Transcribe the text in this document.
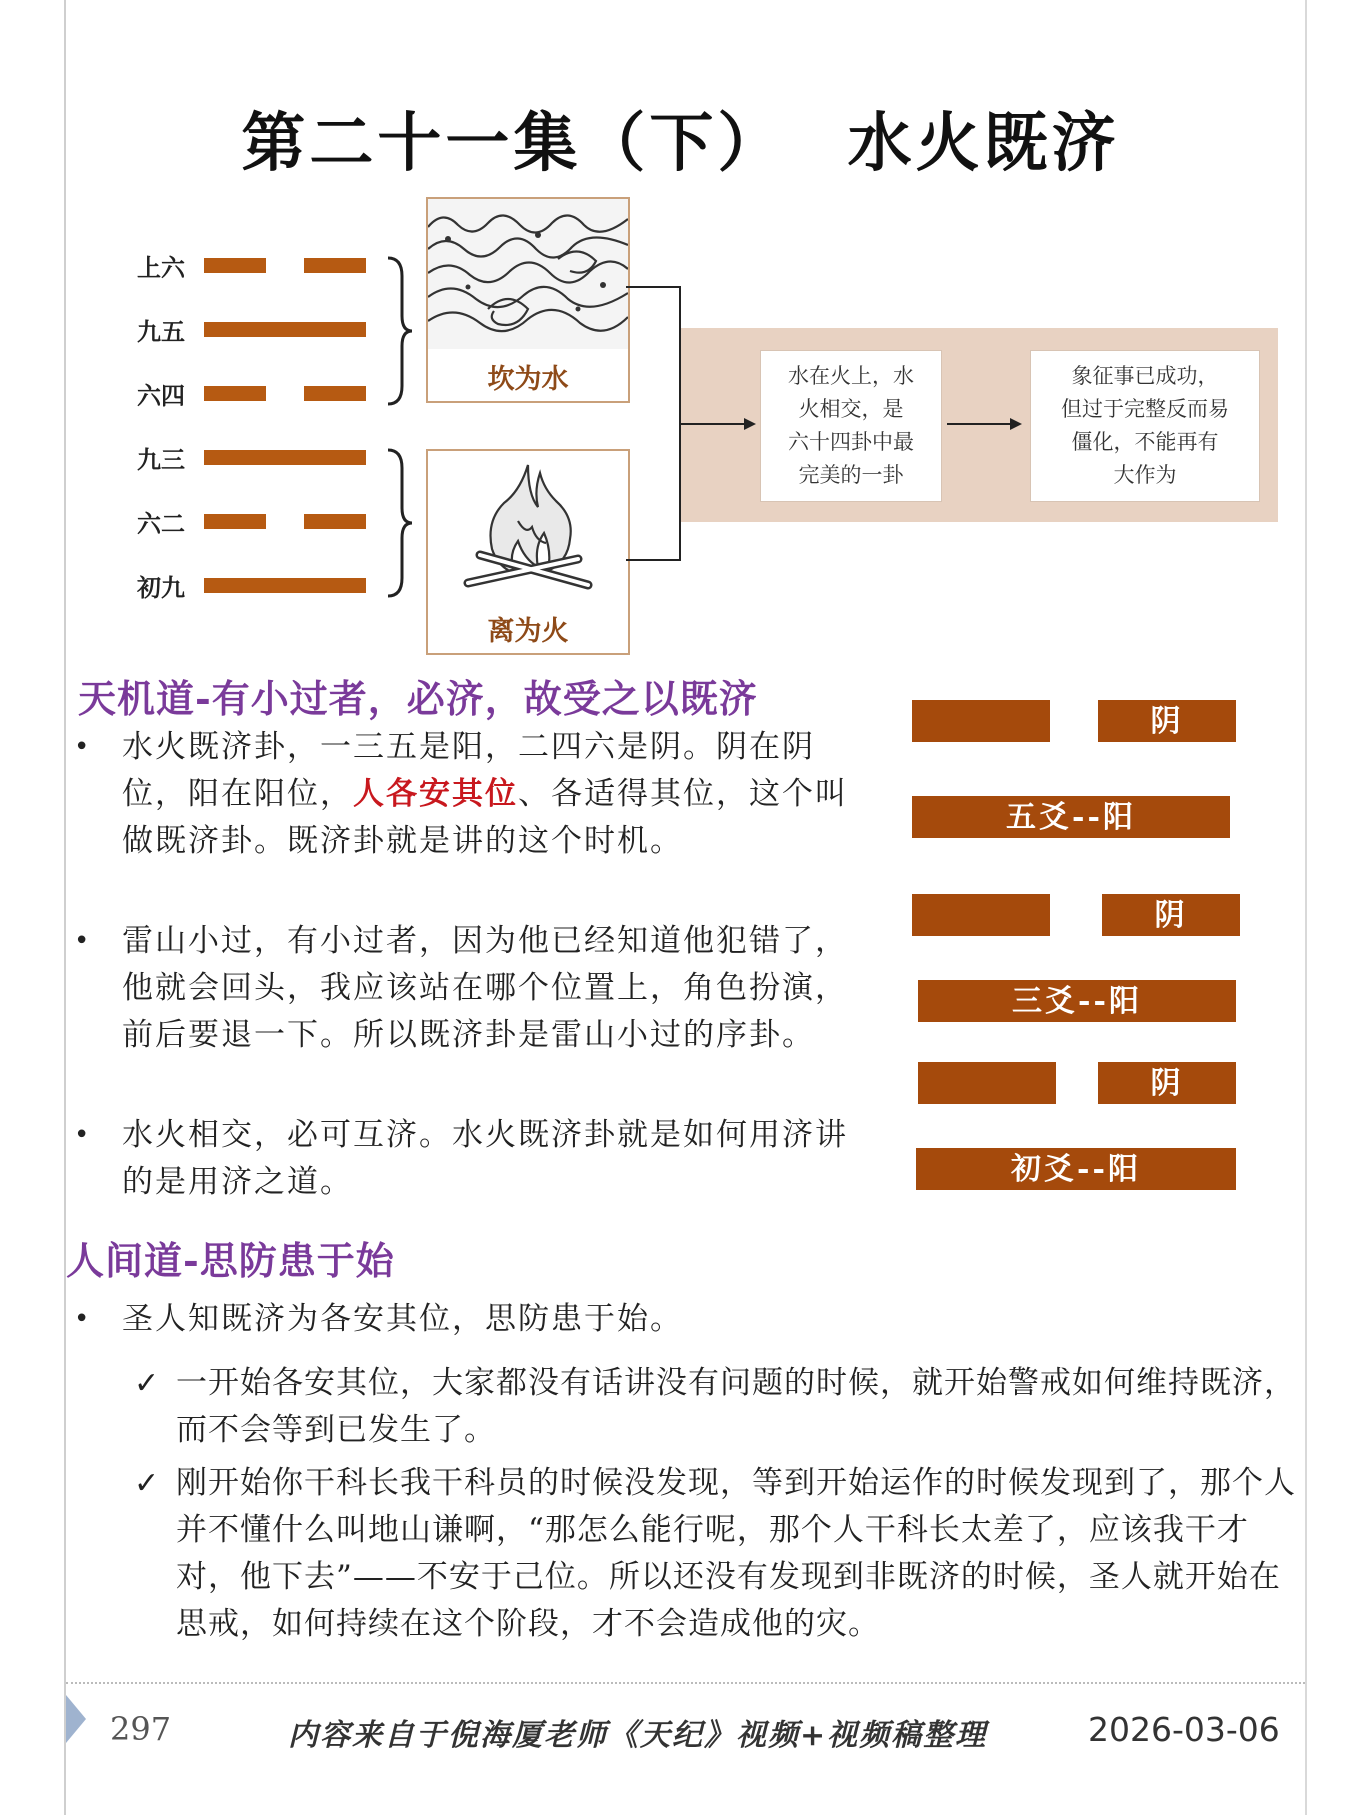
第二十一集（下）　 水火既济
上六
九五
六四
九三
六二
初九
坎为水
离为火
水在火上，水
火相交，是
六十四卦中最
完美的一卦
象征事已成功，
但过于完整反而易
僵化，不能再有
大作为
天机道-有小过者，必济，故受之以既济
• 水火既济卦，一三五是阳，二四六是阴。阴在阴位，阳在阳位，人各安其位、各适得其位，这个叫做既济卦。既济卦就是讲的这个时机。
• 雷山小过，有小过者，因为他已经知道他犯错了，他就会回头，我应该站在哪个位置上，角色扮演，前后要退一下。所以既济卦是雷山小过的序卦。
• 水火相交，必可互济。水火既济卦就是如何用济讲的是用济之道。
阴
五爻--阳
阴
三爻--阳
阴
初爻--阳
人间道-思防患于始
• 圣人知既济为各安其位，思防患于始。
✓ 一开始各安其位，大家都没有话讲没有问题的时候，就开始警戒如何维持既济，而不会等到已发生了。
✓ 刚开始你干科长我干科员的时候没发现，等到开始运作的时候发现到了，那个人并不懂什么叫地山谦啊，“那怎么能行呢，那个人干科长太差了，应该我干才对，他下去”——不安于己位。所以还没有发现到非既济的时候，圣人就开始在思戒，如何持续在这个阶段，才不会造成他的灾。
297	内容来自于倪海厦老师《天纪》视频+视频稿整理	2026-03-06
